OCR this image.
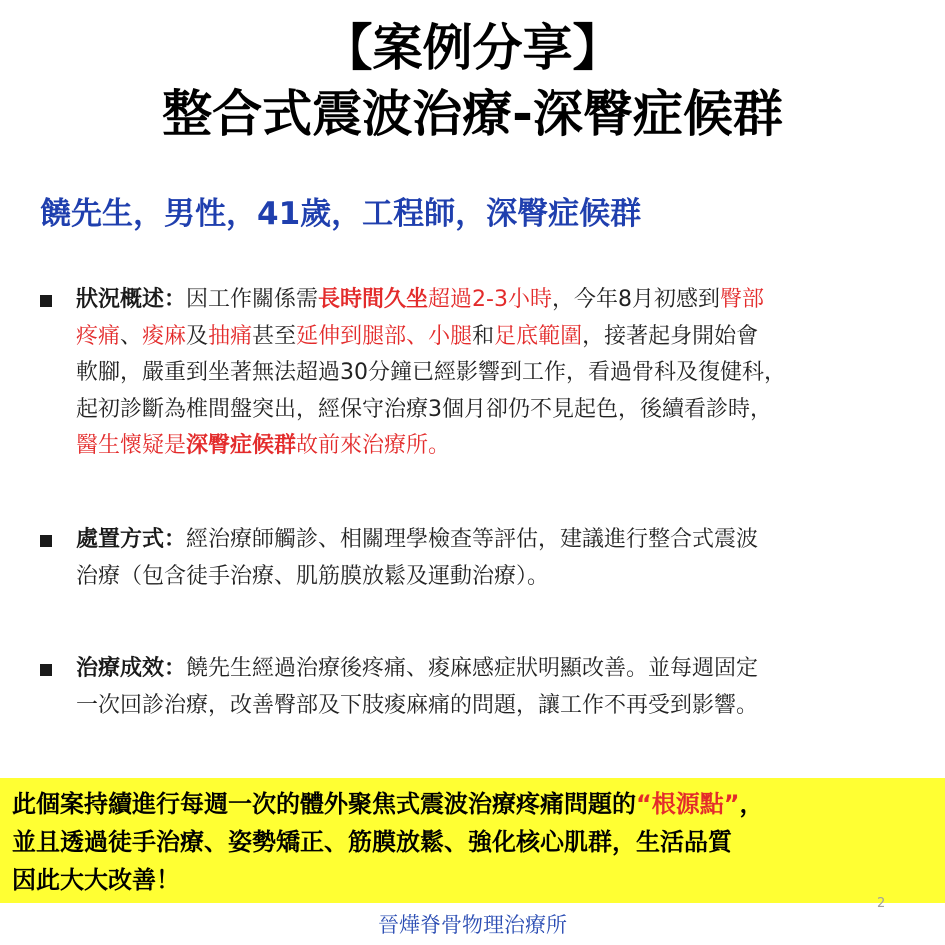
【案例分享】
整合式震波治療-深臀症候群
饒先生，男性，41歲，工程師，深臀症候群
狀況概述：因工作關係需長時間久坐超過2-3小時，今年8月初感到臀部
疼痛、痠麻及抽痛甚至延伸到腿部、小腿和足底範圍，接著起身開始會
軟腳，嚴重到坐著無法超過30分鐘已經影響到工作，看過骨科及復健科，
起初診斷為椎間盤突出，經保守治療3個月卻仍不見起色，後續看診時，
醫生懷疑是深臀症候群故前來治療所。
處置方式：經治療師觸診、相關理學檢查等評估，建議進行整合式震波
治療（包含徒手治療、肌筋膜放鬆及運動治療）。
治療成效：饒先生經過治療後疼痛、痠麻感症狀明顯改善。並每週固定
一次回診治療，改善臀部及下肢痠麻痛的問題，讓工作不再受到影響。
此個案持續進行每週一次的體外聚焦式震波治療疼痛問題的“根源點”，
並且透過徒手治療、姿勢矯正、筋膜放鬆、強化核心肌群，生活品質
因此大大改善！
2
晉燁脊骨物理治療所
